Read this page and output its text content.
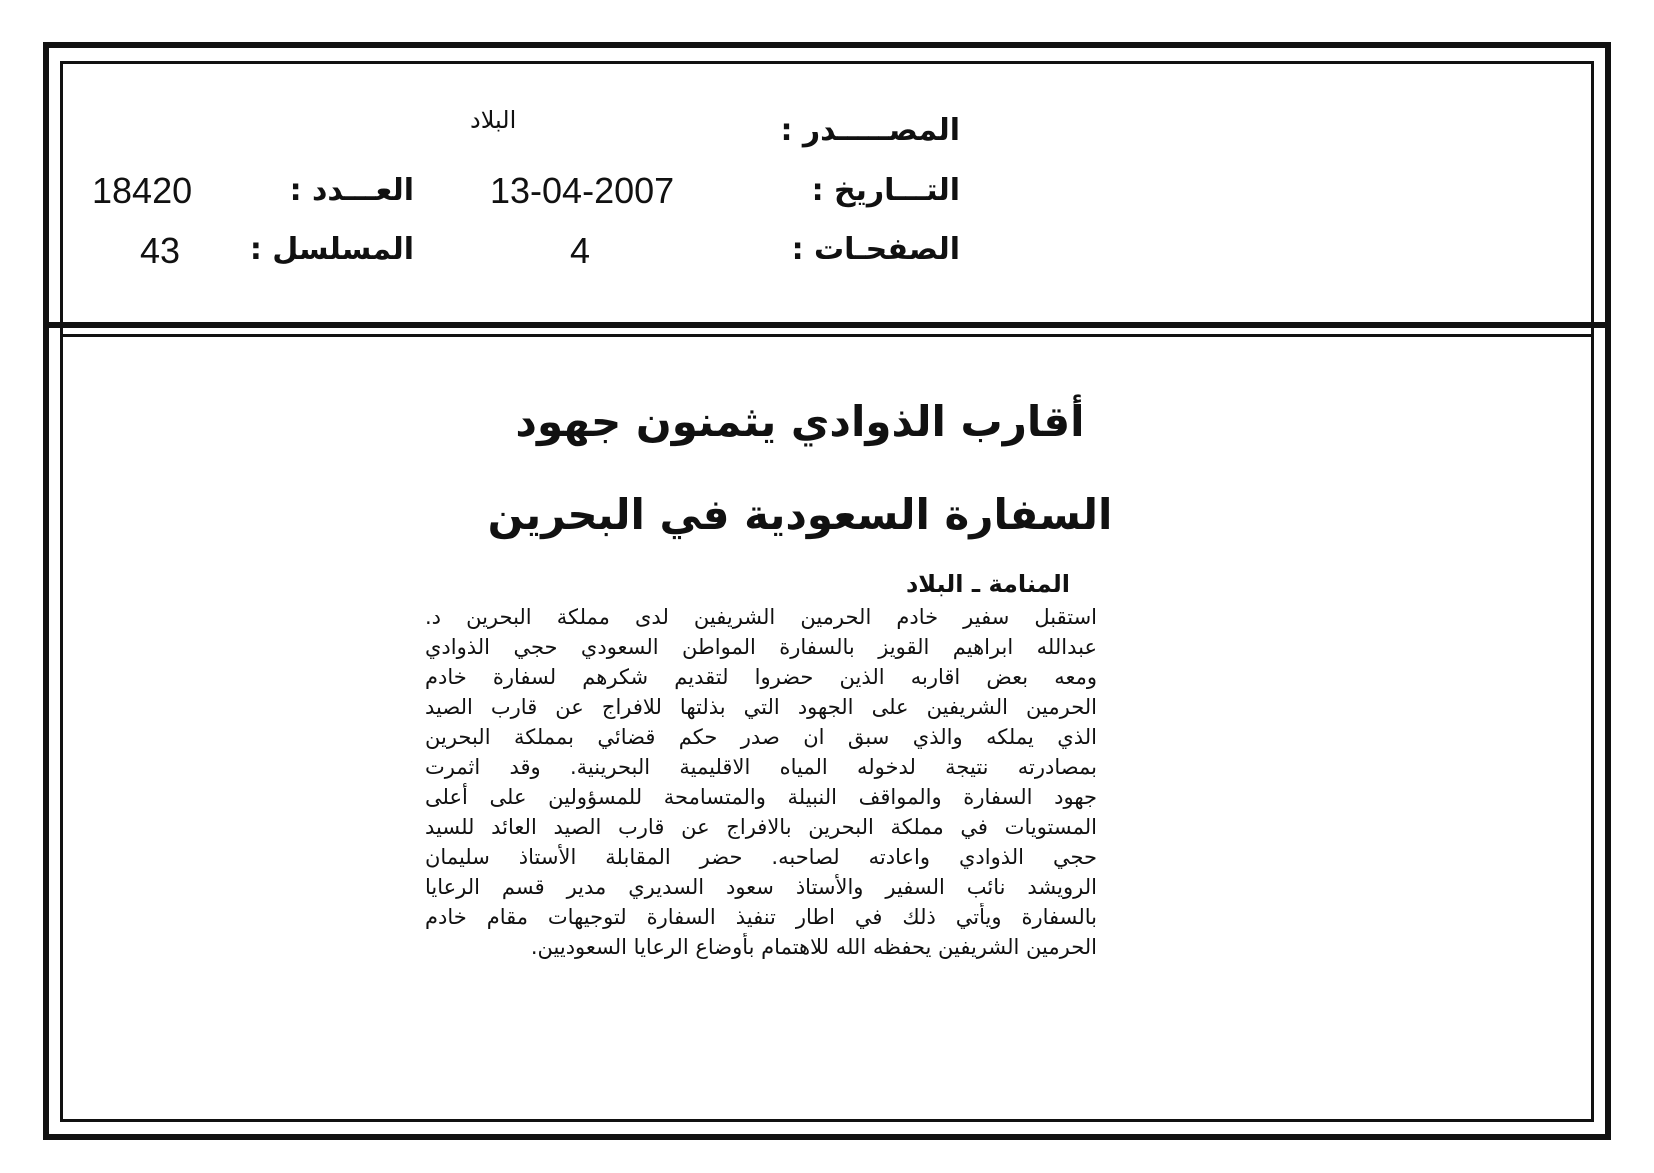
المصـــــدر :
البلاد
التـــاريخ :
13-04-2007
الصفحـات :
4
العـــدد :
18420
المسلسل :
43
أقارب الذوادي يثمنون جهود
السفارة السعودية في البحرين
المنامة ـ البلاد
استقبل سفير خادم الحرمين الشريفين لدى مملكة البحرين د.
عبدالله ابراهيم القويز بالسفارة المواطن السعودي حجي الذوادي
ومعه بعض اقاربه الذين حضروا لتقديم شكرهم لسفارة خادم
الحرمين الشريفين على الجهود التي بذلتها للافراج عن قارب الصيد
الذي يملكه والذي سبق ان صدر حكم قضائي بمملكة البحرين
بمصادرته نتيجة لدخوله المياه الاقليمية البحرينية. وقد اثمرت
جهود السفارة والمواقف النبيلة والمتسامحة للمسؤولين على أعلى
المستويات في مملكة البحرين بالافراج عن قارب الصيد العائد للسيد
حجي الذوادي واعادته لصاحبه. حضر المقابلة الأستاذ سليمان
الرويشد نائب السفير والأستاذ سعود السديري مدير قسم الرعايا
بالسفارة ويأتي ذلك في اطار تنفيذ السفارة لتوجيهات مقام خادم
الحرمين الشريفين يحفظه الله للاهتمام بأوضاع الرعايا السعوديين.
